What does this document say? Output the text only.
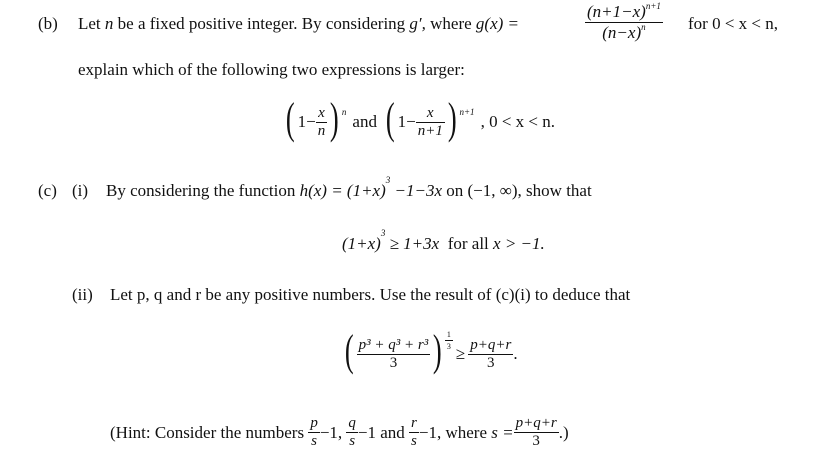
(b) Let n be a fixed positive integer. By considering g′, where g(x) =	$\frac{(n+1-x)^{n+1}}{(n-x)^n}$ for 0 < x < n,
explain which of the following two expressions is larger:
( $1- \frac{x}{n}$ ) n and ( $1- \frac{x}{n+1}$ ) n+1 , 0 < x < n.
(c) (i) By considering the function $h(x) = (1+x)^3 -1-3x$ on (−1, ∞), show that
$(1+x)^3 \ge 1+3x$ for all x > −1.
(ii) Let p, q and r be any positive numbers. Use the result of (c)(i) to deduce that
( $\frac{\text{p³ + q³ + r³}}{3}$ ) $\frac{1}{3}$
≥ $\frac{p+q+r}{3}$ .
(Hint: Consider the numbers
$\frac{p}{s} -1$,
$\frac{q}{s} -1$
and
$\frac{r}{s} -1$, where
$s = \frac{p+q+r}{3}$ .)
